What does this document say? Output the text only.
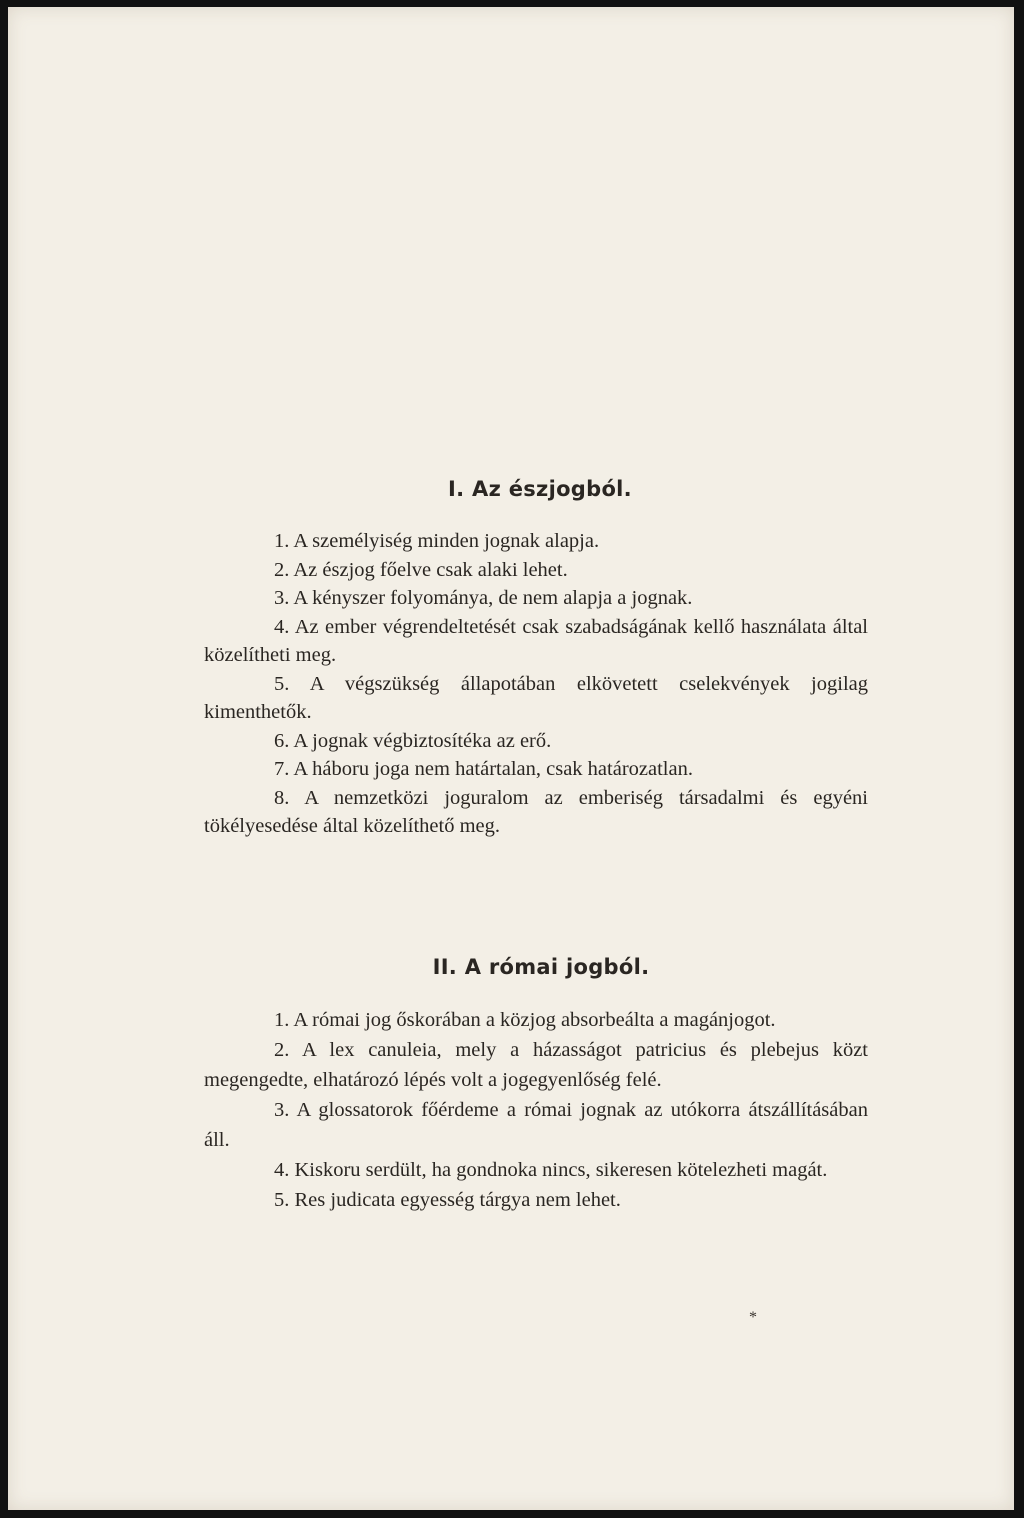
I. Az észjogból.

1. A személyiség minden jognak alapja.

2. Az észjog főelve csak alaki lehet.

3. A kényszer folyománya, de nem alapja a jognak.

4. Az ember végrendeltetését csak szabadságának kellő használata által közelítheti meg.

5. A végszükség állapotában elkövetett cselekvények jogilag kimenthetők.

6. A jognak végbiztosítéka az erő.

7. A háboru joga nem határtalan, csak határozatlan.

8. A nemzetközi joguralom az emberiség társadalmi és egyéni tökélyesedése által közelíthető meg.

II. A római jogból.

1. A római jog őskorában a közjog absorbeálta a magánjogot.

2. A lex canuleia, mely a házasságot patricius és plebejus közt megengedte, elhatározó lépés volt a jogegyenlőség felé.

3. A glossatorok főérdeme a római jognak az utókorra átszállításában áll.

4. Kiskoru serdült, ha gondnoka nincs, sikeresen kötelezheti magát.

5. Res judicata egyesség tárgya nem lehet.

*
